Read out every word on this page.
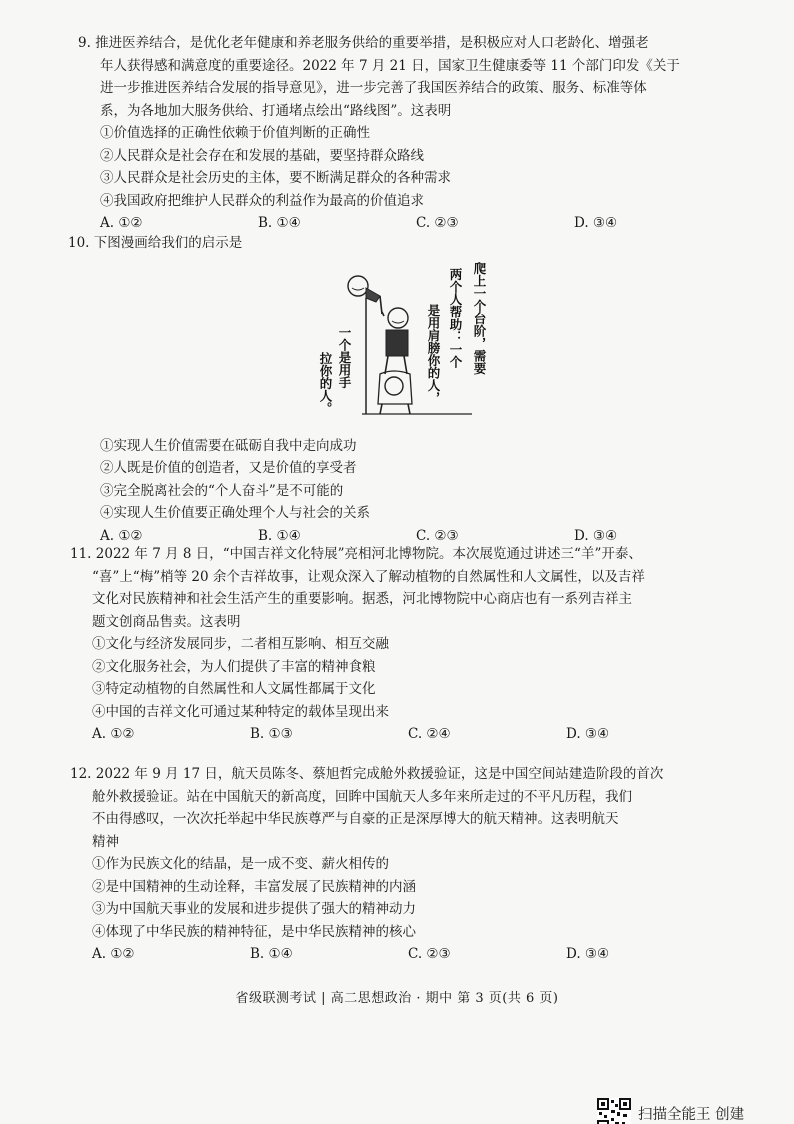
9. 推进医养结合，是优化老年健康和养老服务供给的重要举措，是积极应对人口老龄化、增强老

年人获得感和满意度的重要途径。2022 年 7 月 21 日，国家卫生健康委等 11 个部门印发《关于

进一步推进医养结合发展的指导意见》，进一步完善了我国医养结合的政策、服务、标准等体

系，为各地加大服务供给、打通堵点绘出“路线图”。这表明

①价值选择的正确性依赖于价值判断的正确性

②人民群众是社会存在和发展的基础，要坚持群众路线

③人民群众是社会历史的主体，要不断满足群众的各种需求

④我国政府把维护人民群众的利益作为最高的价值追求

A. ①②	B. ①④	C. ②③	D. ③④

10. 下图漫画给我们的启示是

①实现人生价值需要在砥砺自我中走向成功

②人既是价值的创造者，又是价值的享受者

③完全脱离社会的“个人奋斗”是不可能的

④实现人生价值要正确处理个人与社会的关系

A. ①②	B. ①④	C. ②③	D. ③④
爬上一个台阶，需要
两个人帮助：一个
是用肩膀你的人，
一个是用手
拉你的人。

11. 2022 年 7 月 8 日，“中国吉祥文化特展”亮相河北博物院。本次展览通过讲述三“羊”开泰、

“喜”上“梅”梢等 20 余个吉祥故事，让观众深入了解动植物的自然属性和人文属性，以及吉祥

文化对民族精神和社会生活产生的重要影响。据悉，河北博物院中心商店也有一系列吉祥主

题文创商品售卖。这表明

①文化与经济发展同步，二者相互影响、相互交融

②文化服务社会，为人们提供了丰富的精神食粮

③特定动植物的自然属性和人文属性都属于文化

④中国的吉祥文化可通过某种特定的载体呈现出来

A. ①②	B. ①③	C. ②④	D. ③④

12. 2022 年 9 月 17 日，航天员陈冬、蔡旭哲完成舱外救援验证，这是中国空间站建造阶段的首次

舱外救援验证。站在中国航天的新高度，回眸中国航天人多年来所走过的不平凡历程，我们

不由得感叹，一次次托举起中华民族尊严与自豪的正是深厚博大的航天精神。这表明航天

精神

①作为民族文化的结晶，是一成不变、薪火相传的

②是中国精神的生动诠释，丰富发展了民族精神的内涵

③为中国航天事业的发展和进步提供了强大的精神动力

④体现了中华民族的精神特征，是中华民族精神的核心

A. ①②	B. ①④	C. ②③	D. ③④
省级联测考试 | 高二思想政治 · 期中 第 3 页(共 6 页)
扫描全能王 创建
